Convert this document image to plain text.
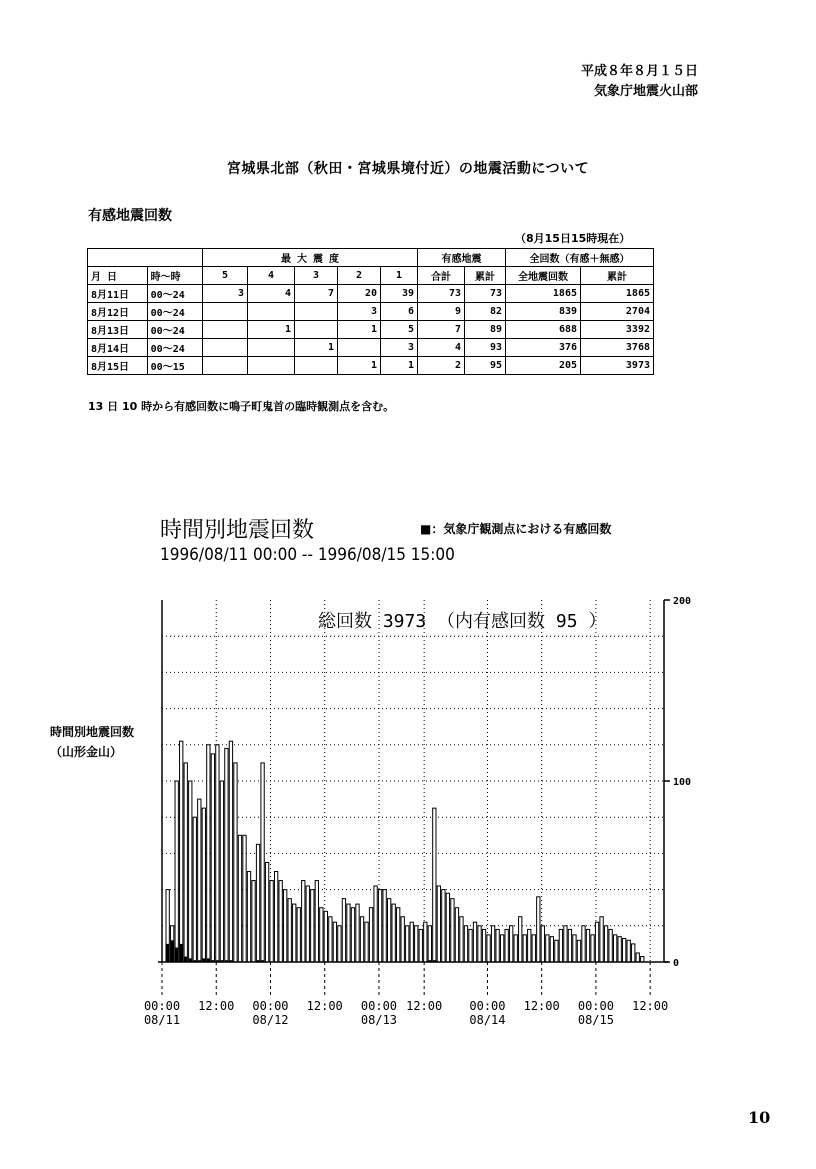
平成８年８月１５日
気象庁地震火山部
宮城県北部（秋田・宮城県境付近）の地震活動について
有感地震回数
（8月15日15時現在）
		最 大 震 度					有感地震		全回数（有感＋無感）	
月 日	時〜時	5	4	3	2	1	合計	累計	全地震回数	累計
8月11日	00〜24	3	4	7	20	39	73	73	1865	1865
8月12日	00〜24				3	6	9	82	839	2704
8月13日	00〜24		1		1	5	7	89	688	3392
8月14日	00〜24			1		3	4	93	376	3768
8月15日	00〜15				1	1	2	95	205	3973
13 日 10 時から有感回数に鳴子町鬼首の臨時観測点を含む。
時間別地震回数
1996/08/11 00:00 -- 1996/08/15 15:00
■：気象庁観測点における有感回数
時間別地震回数
（山形金山）
0
100
200
00:00
08/11
12:00 00:00
08/12
12:00 00:00
08/13
12:00 00:00
08/14
12:00 00:00
08/15
12:00
総回数 3973 （内有感回数 95 ）
10
